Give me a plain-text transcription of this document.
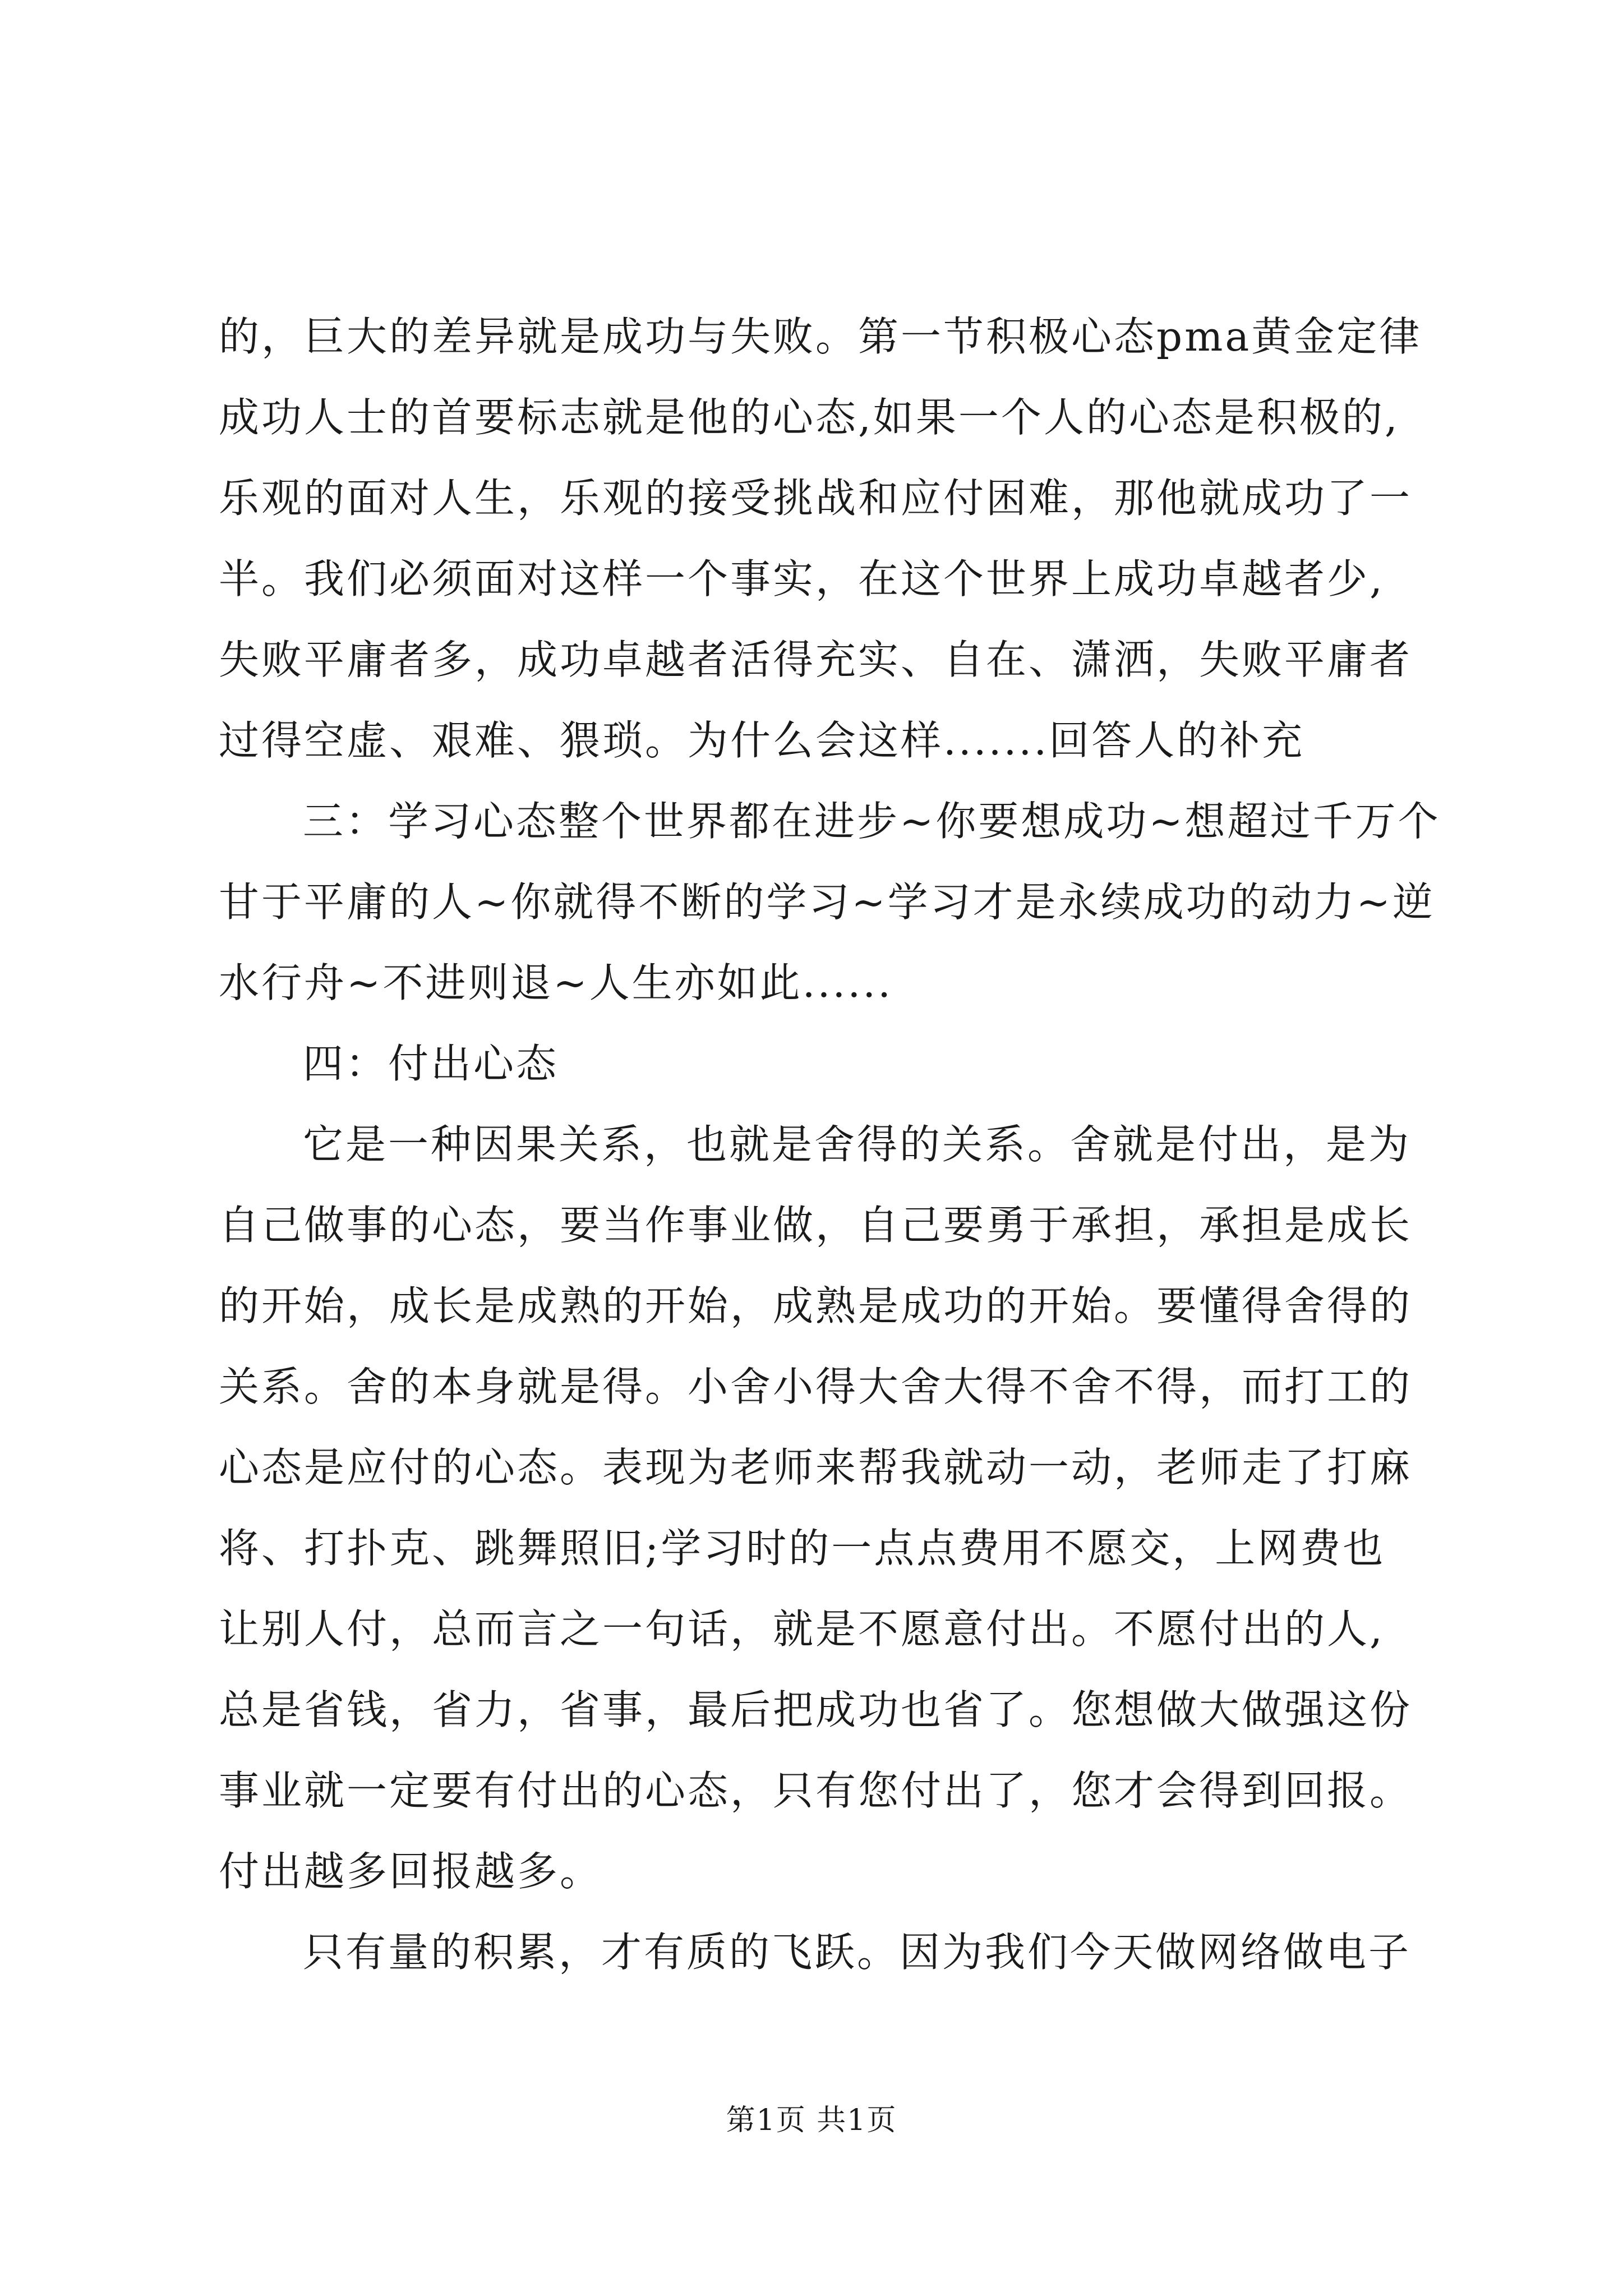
的，巨大的差异就是成功与失败。第一节积极心态pma黄金定律
成功人士的首要标志就是他的心态,如果一个人的心态是积极的,
乐观的面对人生，乐观的接受挑战和应付困难，那他就成功了一
半。我们必须面对这样一个事实，在这个世界上成功卓越者少,
失败平庸者多，成功卓越者活得充实、自在、潇洒，失败平庸者
过得空虚、艰难、猥琐。为什么会这样.......回答人的补充
三：学习心态整个世界都在进步~你要想成功~想超过千万个
甘于平庸的人~你就得不断的学习~学习才是永续成功的动力~逆
水行舟~不进则退~人生亦如此......
四：付出心态
它是一种因果关系，也就是舍得的关系。舍就是付出，是为
自己做事的心态，要当作事业做，自己要勇于承担，承担是成长
的开始，成长是成熟的开始，成熟是成功的开始。要懂得舍得的
关系。舍的本身就是得。小舍小得大舍大得不舍不得，而打工的
心态是应付的心态。表现为老师来帮我就动一动，老师走了打麻
将、打扑克、跳舞照旧;学习时的一点点费用不愿交，上网费也
让别人付，总而言之一句话，就是不愿意付出。不愿付出的人,
总是省钱，省力，省事，最后把成功也省了。您想做大做强这份
事业就一定要有付出的心态，只有您付出了，您才会得到回报。
付出越多回报越多。
只有量的积累，才有质的飞跃。因为我们今天做网络做电子
第1页 共1页
